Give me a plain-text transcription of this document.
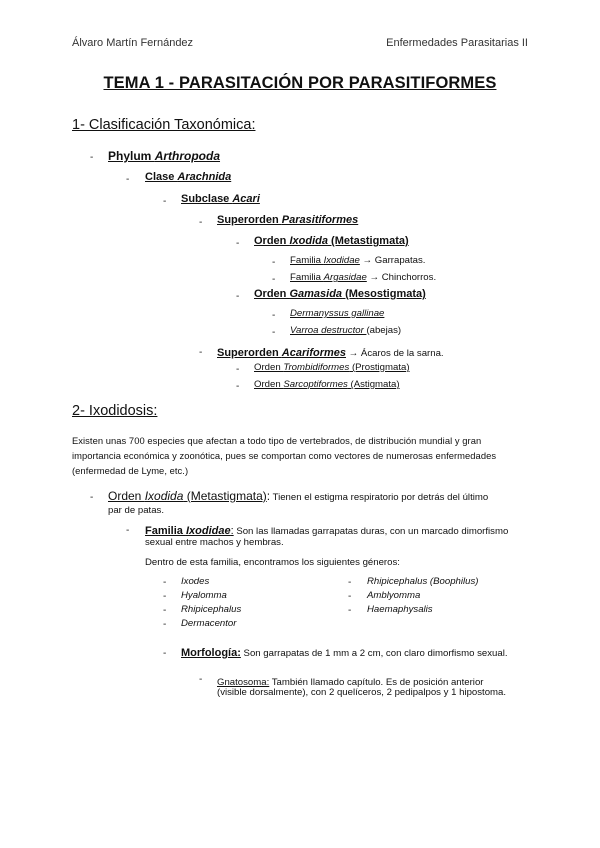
Álvaro Martín Fernández	Enfermedades Parasitarias II
TEMA 1 - PARASITACIÓN POR PARASITIFORMES
1- Clasificación Taxonómica:
- Phylum Arthropoda
- Clase Arachnida
- Subclase Acari
- Superorden Parasitiformes
- Orden Ixodida (Metastigmata)
- Familia Ixodidae → Garrapatas.
- Familia Argasidae → Chinchorros.
- Orden Gamasida (Mesostigmata)
- Dermanyssus gallinae
- Varroa destructor (abejas)
- Superorden Acariformes → Ácaros de la sarna.
- Orden Trombidiformes (Prostigmata)
- Orden Sarcoptiformes (Astigmata)
2- Ixodidosis:
Existen unas 700 especies que afectan a todo tipo de vertebrados, de distribución mundial y gran
importancia económica y zoonótica, pues se comportan como vectores de numerosas enfermedades
(enfermedad de Lyme, etc.)
- Orden Ixodida (Metastigmata): Tienen el estigma respiratorio por detrás del último
par de patas.
- Familia Ixodidae: Son las llamadas garrapatas duras, con un marcado dimorfismo
sexual entre machos y hembras.
Dentro de esta familia, encontramos los siguientes géneros:
- Ixodes
- Hyalomma
- Rhipicephalus
- Dermacentor
- Rhipicephalus (Boophilus)
- Amblyomma
- Haemaphysalis
- Morfología: Son garrapatas de 1 mm a 2 cm, con claro dimorfismo sexual.
- Gnatosoma: También llamado capítulo. Es de posición anterior
(visible dorsalmente), con 2 quelíceros, 2 pedipalpos y 1 hipostoma.
